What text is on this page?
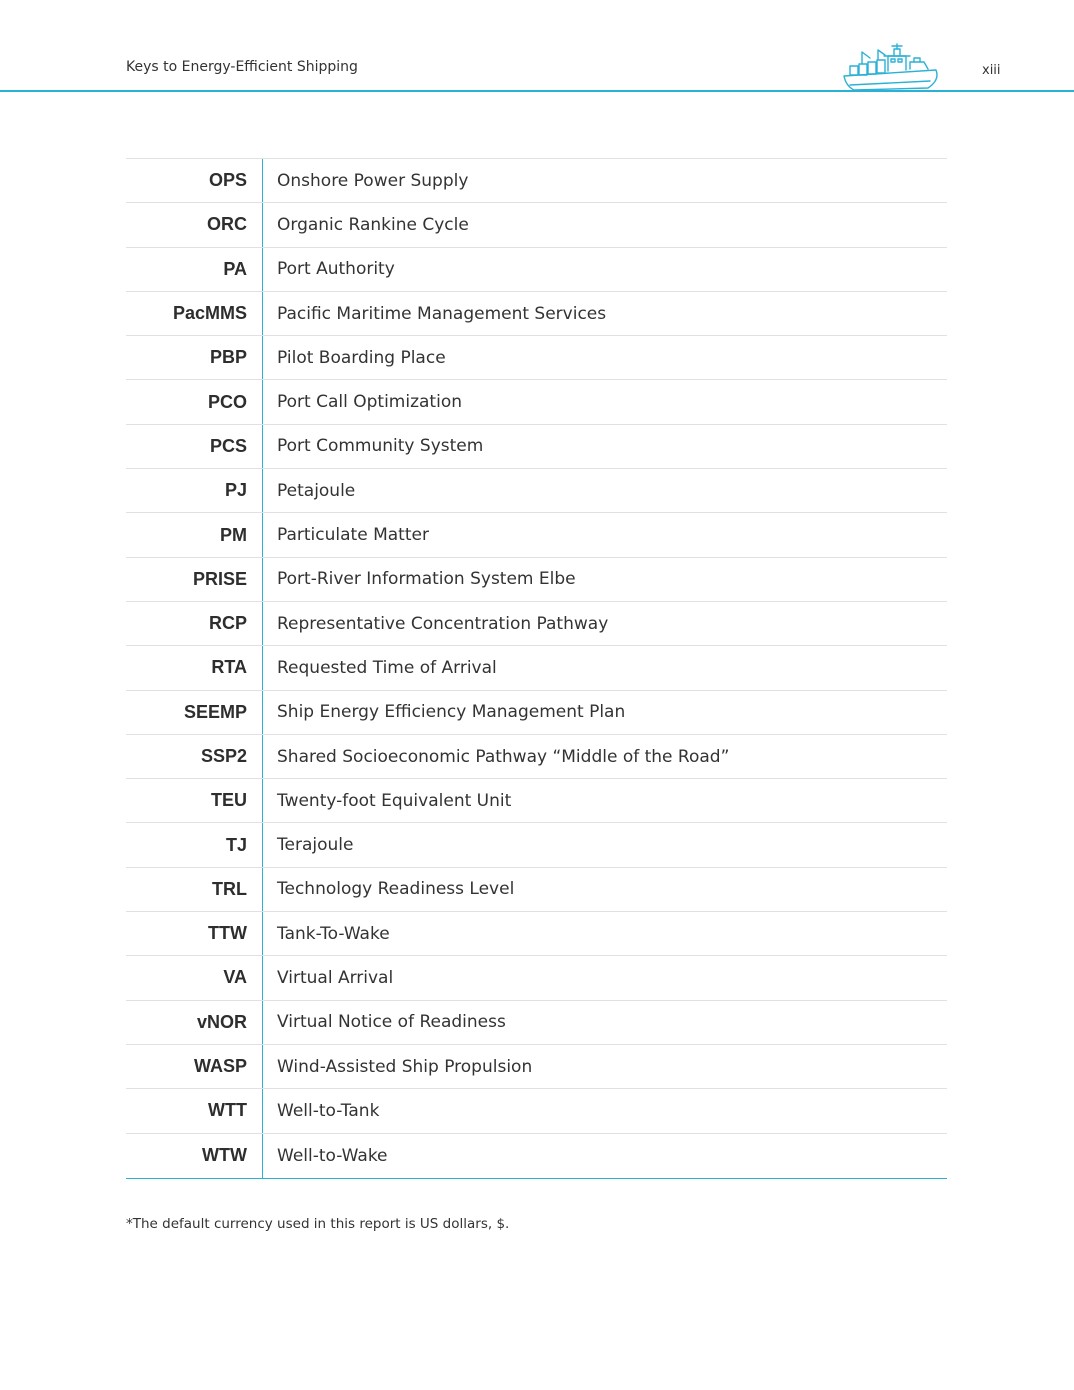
Keys to Energy-Efficient Shipping	xiii
OPS	Onshore Power Supply
ORC	Organic Rankine Cycle
PA	Port Authority
PacMMS	Pacific Maritime Management Services
PBP	Pilot Boarding Place
PCO	Port Call Optimization
PCS	Port Community System
PJ	Petajoule
PM	Particulate Matter
PRISE	Port-River Information System Elbe
RCP	Representative Concentration Pathway
RTA	Requested Time of Arrival
SEEMP	Ship Energy Efficiency Management Plan
SSP2	Shared Socioeconomic Pathway “Middle of the Road”
TEU	Twenty-foot Equivalent Unit
TJ	Terajoule
TRL	Technology Readiness Level
TTW	Tank-To-Wake
VA	Virtual Arrival
vNOR	Virtual Notice of Readiness
WASP	Wind-Assisted Ship Propulsion
WTT	Well-to-Tank
WTW	Well-to-Wake
*The default currency used in this report is US dollars, $.
